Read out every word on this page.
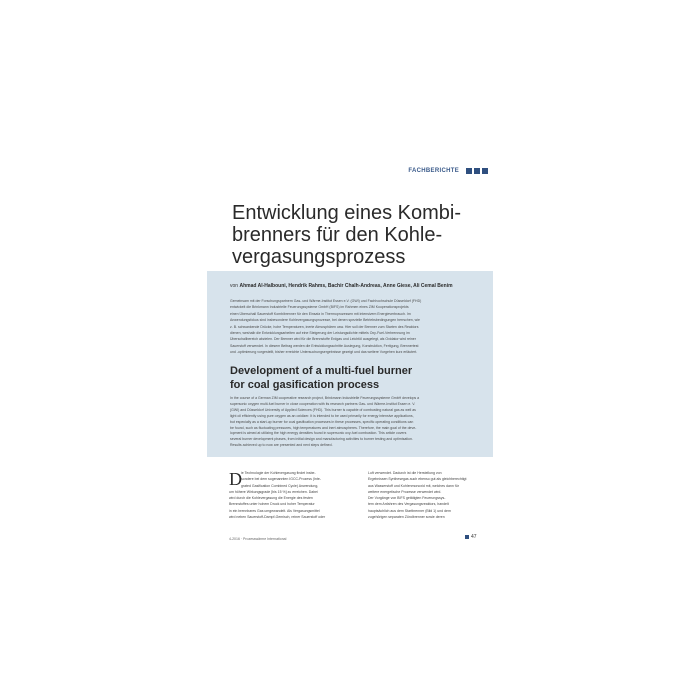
FACHBERICHTE
Entwicklung eines Kombi-
brenners für den Kohle-
vergasungsprozess
von Ahmad Al-Halbouni, Hendrik Rahms, Bachir Chalh-Andreas, Anne Giese, Ali Cemal Benim
Gemeinsam mit der Forschungspartnern Gas- und Wärme-Institut Essen e.V. (GWI) und Fachhochschule Düsseldorf (FHD)
entwickelt die Brinkmann Industrielle Feuerungssysteme GmbH (BIFS) im Rahmen eines ZIM Kooperationsprojekts
einen Überschall Sauerstoff Kombibrenner für den Einsatz in Thermoprozessen mit intensivem Energieverbrauch. Im
Anwendungsfokus sind insbesondere Kohlevergasungsprozesse, bei denen spezielle Betriebsbedingungen herrschen, wie
z. B. schwankende Drücke, hohe Temperaturen, inerte Atmosphären usw. Hier soll der Brenner zum Starten des Reaktors
dienen, weshalb die Entwicklungsarbeiten auf eine Steigerung der Leistungsdichte mittels Oxy-Fuel-Verbrennung im
Überschallbereich abzielen. Der Brenner wird für die Brennstoffe Erdgas und Leichtöl ausgelegt, als Oxidator wird reiner
Sauerstoff verwendet. In diesem Beitrag werden die Entwicklungsschritte Auslegung, Konstruktion, Fertigung, Brennertest
und -optimierung vorgestellt, bisher erreichte Untersuchungsergebnisse gezeigt und das weitere Vorgehen kurz erläutert.
Development of a multi-fuel burner
for coal gasification process
In the course of a German ZIM cooperative research project, Brinkmann Industrielle Feuerungssysteme GmbH develops a
supersonic oxygen multi-fuel burner in close cooperation with its research partners Gas- und Wärme-Institut Essen e. V.
(GWI) and Düsseldorf University of Applied Sciences (FHD). This burner is capable of combusting natural gas as well as
light oil efficiently using pure oxygen as an oxidizer. It is intended to be used primarily for energy intensive applications,
but especially as a start-up burner for coal gasification processes in these processes, specific operating conditions can
be found, such as fluctuating pressures, high temperatures and inert atmospheres. Therefore, the main goal of the deve-
lopment is aimed at utilizing the high energy densities found in supersonic oxy-fuel combustion. This article covers
several burner development phases, from initial design and manufacturing activities to burner testing and optimisation.
Results achieved up to now are presented and next steps defined.
D ie Technologie der Kohlevergasung findet insbe-
sondere bei dem sogenannten IGCC-Prozess (Inte-
grated Gasification Combined Cycle) Anwendung,
um höhere Wirkungsgrade [bis 15 %] zu erreichen. Dabei
wird durch die Kohlevergasung die Energie des festen
Brennstoffes unter hohem Druck und hoher Temperatur
in ein brennbares Gas umgewandelt. Als Vergasungsmittel
wird neben Sauerstoff-Dampf-Gemisch, reiner Sauerstoff oder
Luft verwendet. Dadurch ist die Herstellung von
Ergebnissen Synthesegas auch ebenso gut als gleichberechtigt
aus Wasserstoff und Kohlenmonoxid mit, welches dann für
weitere energetische Prozesse verwendet wird.
Der Vorgänge von BIFS getätigten Feuerungssys-
tem dem Anfahren des Vergasungsreaktors, handelt
hauptsächlich aus dem Startbrenner (Bild 1) und dem
zugehörigen separaten Zündbrenner sowie deren
4-2016 · Prozesswärme International	47
